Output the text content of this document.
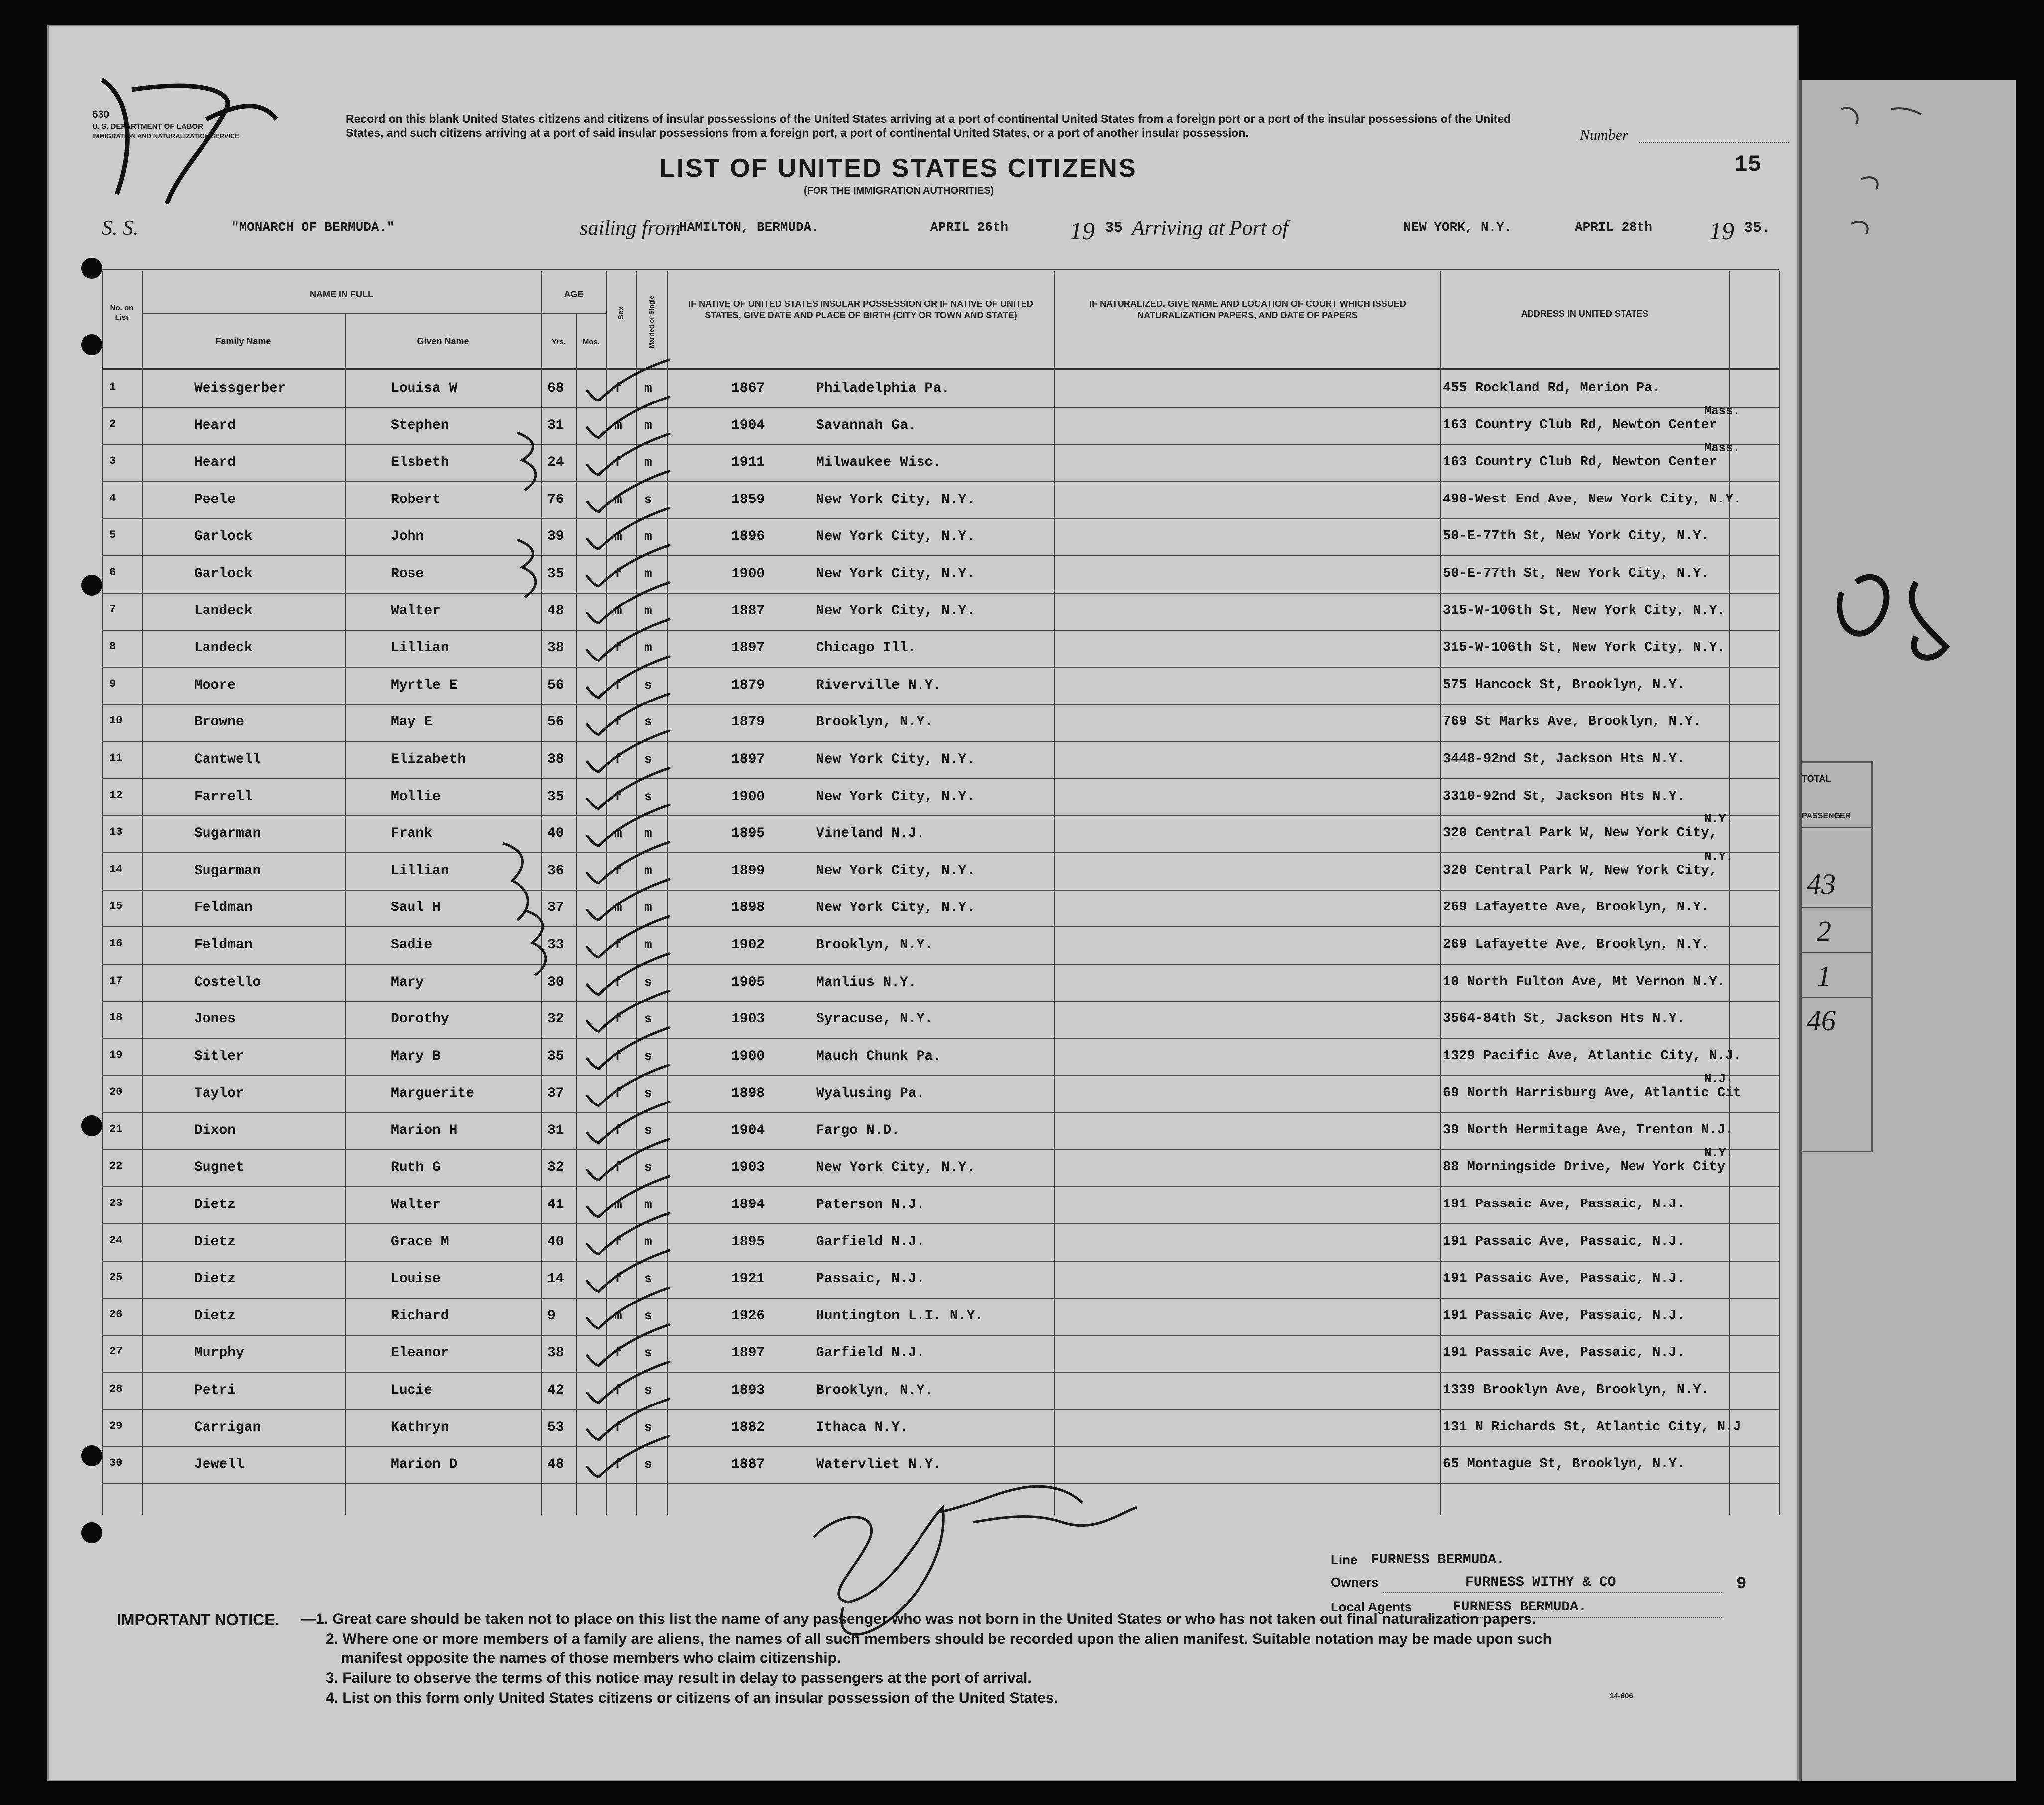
630
U. S. DEPARTMENT OF LABOR
IMMIGRATION AND NATURALIZATION SERVICE
Record on this blank United States citizens and citizens of insular possessions of the United States arriving at a port of continental United States from a foreign port or a port of the insular possessions of the United States, and such citizens arriving at a port of said insular possessions from a foreign port, a port of continental United States, or a port of another insular possession.	Number
15
LIST OF UNITED STATES CITIZENS
(FOR THE IMMIGRATION AUTHORITIES)
S. S.	"MONARCH OF BERMUDA."	sailing from
HAMILTON, BERMUDA.	APRIL 26th 19 35 Arriving at Port of	NEW YORK, N.Y.	APRIL 28th 19 35.
No. on List
NAME IN FULL
Family Name	Given Name
AGE
Yrs.	Mos.
Sex	Married or Single	IF NATIVE OF UNITED STATES INSULAR POSSESSION OR IF NATIVE OF UNITED STATES, GIVE DATE AND PLACE OF BIRTH (CITY OR TOWN AND STATE)
IF NATURALIZED, GIVE NAME AND LOCATION OF COURT WHICH ISSUED NATURALIZATION PAPERS, AND DATE OF PAPERS	ADDRESS IN UNITED STATES
1	Weissgerber	Louisa W	68	f m	1867	Philadelphia Pa.	455 Rockland Rd, Merion Pa.
2	Heard	Stephen	31	m m	1904	Savannah Ga.	163 Country Club Rd, Newton Center
Mass.
3	Heard	Elsbeth	24	f m	1911	Milwaukee Wisc.	163 Country Club Rd, Newton Center
Mass.
4	Peele	Robert	76	m s	1859	New York City, N.Y.	490-West End Ave, New York City, N.Y.
5	Garlock	John	39	m m	1896	New York City, N.Y.	50-E-77th St, New York City, N.Y.
6	Garlock	Rose	35	f m	1900	New York City, N.Y.	50-E-77th St, New York City, N.Y.
7	Landeck	Walter	48	m m	1887	New York City, N.Y.	315-W-106th St, New York City, N.Y.
8	Landeck	Lillian	38	f m	1897	Chicago Ill.	315-W-106th St, New York City, N.Y.
9	Moore	Myrtle E	56	f s	1879	Riverville N.Y.	575 Hancock St, Brooklyn, N.Y.
10	Browne	May E	56	f s	1879	Brooklyn, N.Y.	769 St Marks Ave, Brooklyn, N.Y.
11	Cantwell	Elizabeth	38	f s	1897	New York City, N.Y.	3448-92nd St, Jackson Hts N.Y.
12	Farrell	Mollie	35	f s	1900	New York City, N.Y.	3310-92nd St, Jackson Hts N.Y.
13	Sugarman	Frank	40	m m	1895	Vineland N.J.	320 Central Park W, New York City,
N.Y.
14	Sugarman	Lillian	36	f m	1899	New York City, N.Y.	320 Central Park W, New York City,
N.Y.
15	Feldman	Saul H	37	m m	1898	New York City, N.Y.	269 Lafayette Ave, Brooklyn, N.Y.
16	Feldman	Sadie	33	f m	1902	Brooklyn, N.Y.	269 Lafayette Ave, Brooklyn, N.Y.
17	Costello	Mary	30	f s	1905	Manlius N.Y.	10 North Fulton Ave, Mt Vernon N.Y.
18	Jones	Dorothy	32	f s	1903	Syracuse, N.Y.	3564-84th St, Jackson Hts N.Y.
19	Sitler	Mary B	35	f s	1900	Mauch Chunk Pa.	1329 Pacific Ave, Atlantic City, N.J.
20	Taylor	Marguerite	37	f s	1898	Wyalusing Pa.	69 North Harrisburg Ave, Atlantic Cit
N.J.
21	Dixon	Marion H	31	f s	1904	Fargo N.D.	39 North Hermitage Ave, Trenton N.J.
22	Sugnet	Ruth G	32	f s	1903	New York City, N.Y.	88 Morningside Drive, New York City
N.Y.
23	Dietz	Walter	41	m m	1894	Paterson N.J.	191 Passaic Ave, Passaic, N.J.
24	Dietz	Grace M	40	f m	1895	Garfield N.J.	191 Passaic Ave, Passaic, N.J.
25	Dietz	Louise	14	f s	1921	Passaic, N.J.	191 Passaic Ave, Passaic, N.J.
26	Dietz	Richard	9	m s	1926	Huntington L.I. N.Y.	191 Passaic Ave, Passaic, N.J.
27	Murphy	Eleanor	38	f s	1897	Garfield N.J.	191 Passaic Ave, Passaic, N.J.
28	Petri	Lucie	42	f s	1893	Brooklyn, N.Y.	1339 Brooklyn Ave, Brooklyn, N.Y.
29	Carrigan	Kathryn	53	f s	1882	Ithaca N.Y.	131 N Richards St, Atlantic City, N.J
30	Jewell	Marion D	48	f s	1887	Watervliet N.Y.	65 Montague St, Brooklyn, N.Y.
Line FURNESS BERMUDA.
Owners	FURNESS WITHY & CO	9
Local Agents	FURNESS BERMUDA.
IMPORTANT NOTICE. —1. Great care should be taken not to place on this list the name of any passenger who was not born in the United States or who has not taken out final naturalization papers.
2. Where one or more members of a family are aliens, the names of all such members should be recorded upon the alien manifest. Suitable notation may be made upon such
manifest opposite the names of those members who claim citizenship.
3. Failure to observe the terms of this notice may result in delay to passengers at the port of arrival.
4. List on this form only United States citizens or citizens of an insular possession of the United States.	14-606
TOTAL
PASSENGER
43
2
1
46
